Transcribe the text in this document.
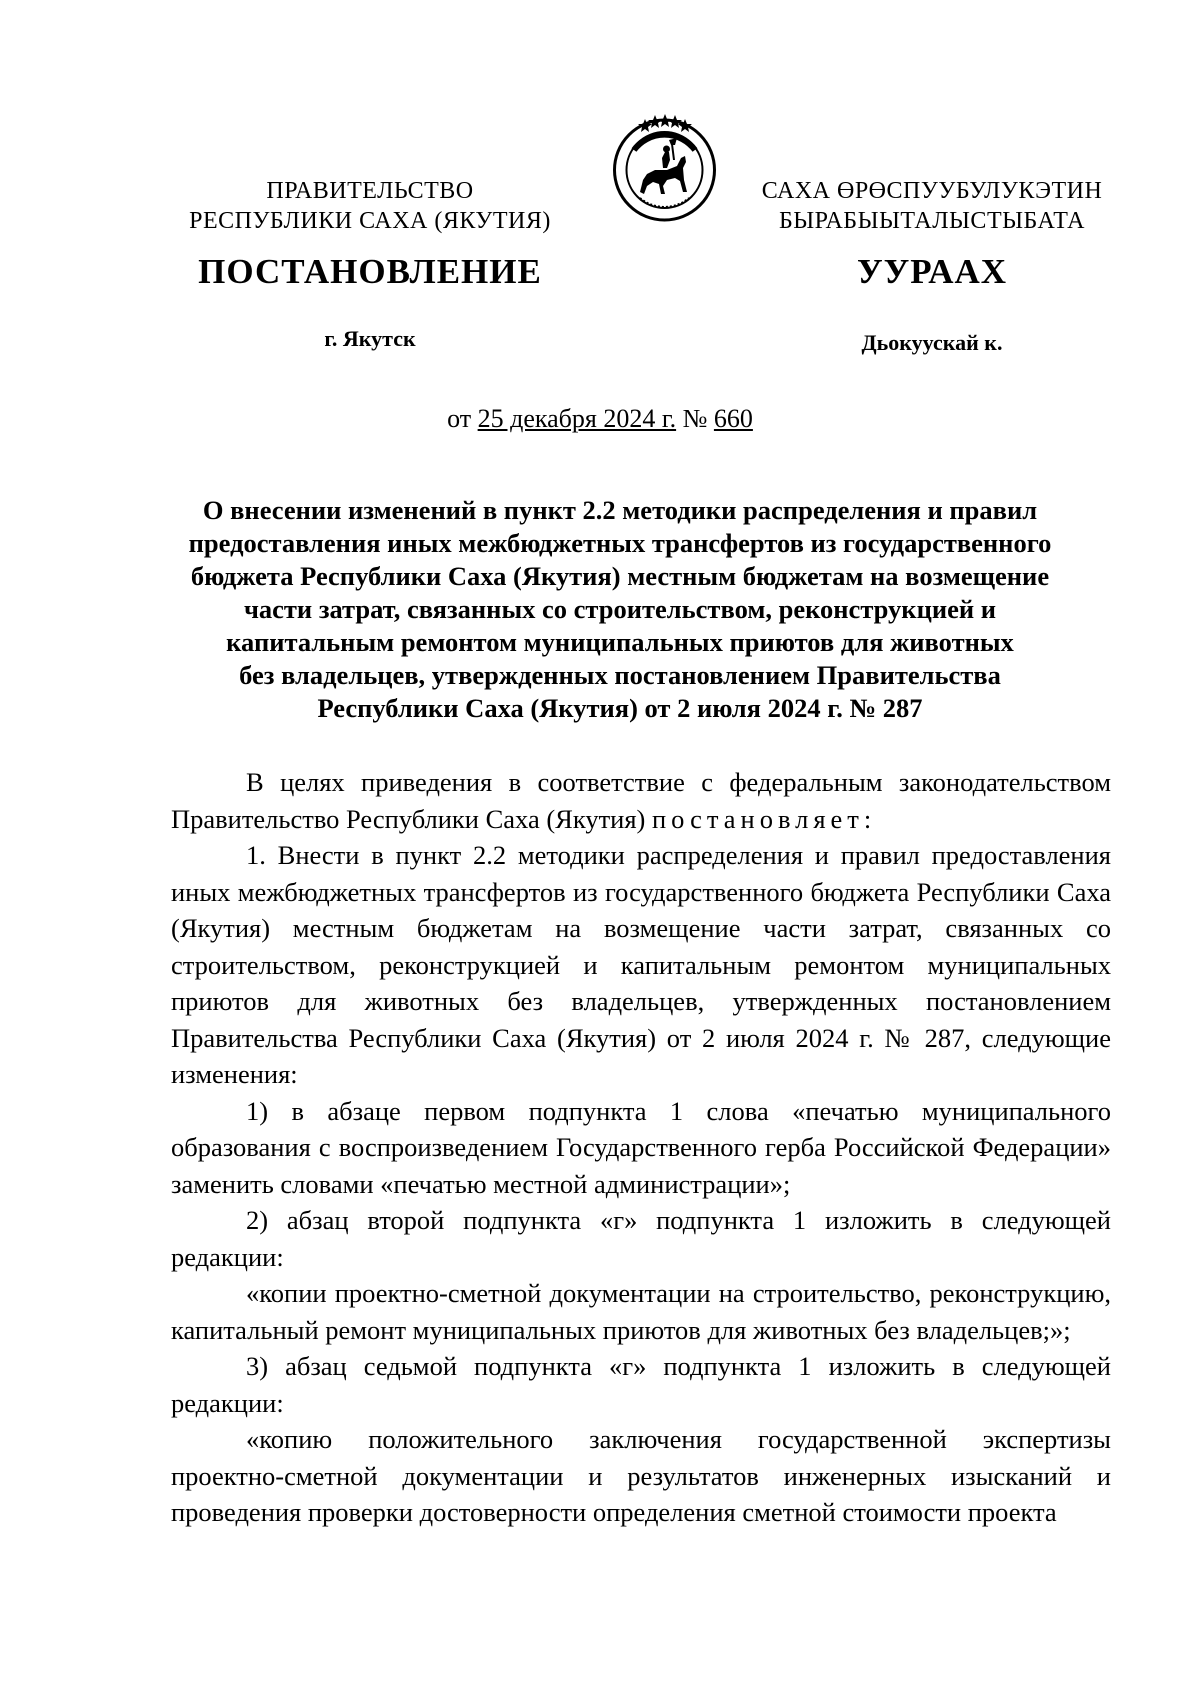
ПРАВИТЕЛЬСТВО
РЕСПУБЛИКИ САХА (ЯКУТИЯ)
САХА ӨРӨСПУУБУЛУКЭТИН
БЫРАБЫЫТАЛЫСТЫБАТА
ПОСТАНОВЛЕНИЕ	УУРААХ
г. Якутск	Дьокуускай к.
от 25 декабря 2024 г. № 660
О внесении изменений в пункт 2.2 методики распределения и правил
предоставления иных межбюджетных трансфертов из государственного
бюджета Республики Саха (Якутия) местным бюджетам на возмещение
части затрат, связанных со строительством, реконструкцией и
капитальным ремонтом муниципальных приютов для животных
без владельцев, утвержденных постановлением Правительства
Республики Саха (Якутия) от 2 июля 2024 г. № 287

В целях приведения в соответствие с федеральным законодательством Правительство Республики Саха (Якутия) постановляет:

1. Внести в пункт 2.2 методики распределения и правил предоставления иных межбюджетных трансфертов из государственного бюджета Республики Саха (Якутия) местным бюджетам на возмещение части затрат, связанных со строительством, реконструкцией и капитальным ремонтом муниципальных приютов для животных без владельцев, утвержденных постановлением Правительства Республики Саха (Якутия) от 2 июля 2024 г. № 287, следующие изменения:

1) в абзаце первом подпункта 1 слова «печатью муниципального образования с воспроизведением Государственного герба Российской Федерации» заменить словами «печатью местной администрации»;

2) абзац второй подпункта «г» подпункта 1 изложить в следующей редакции:

«копии проектно-сметной документации на строительство, реконструкцию, капитальный ремонт муниципальных приютов для животных без владельцев;»;

3) абзац седьмой подпункта «г» подпункта 1 изложить в следующей редакции:

«копию положительного заключения государственной экспертизы проектно-сметной документации и результатов инженерных изысканий и проведения проверки достоверности определения сметной стоимости проекта
